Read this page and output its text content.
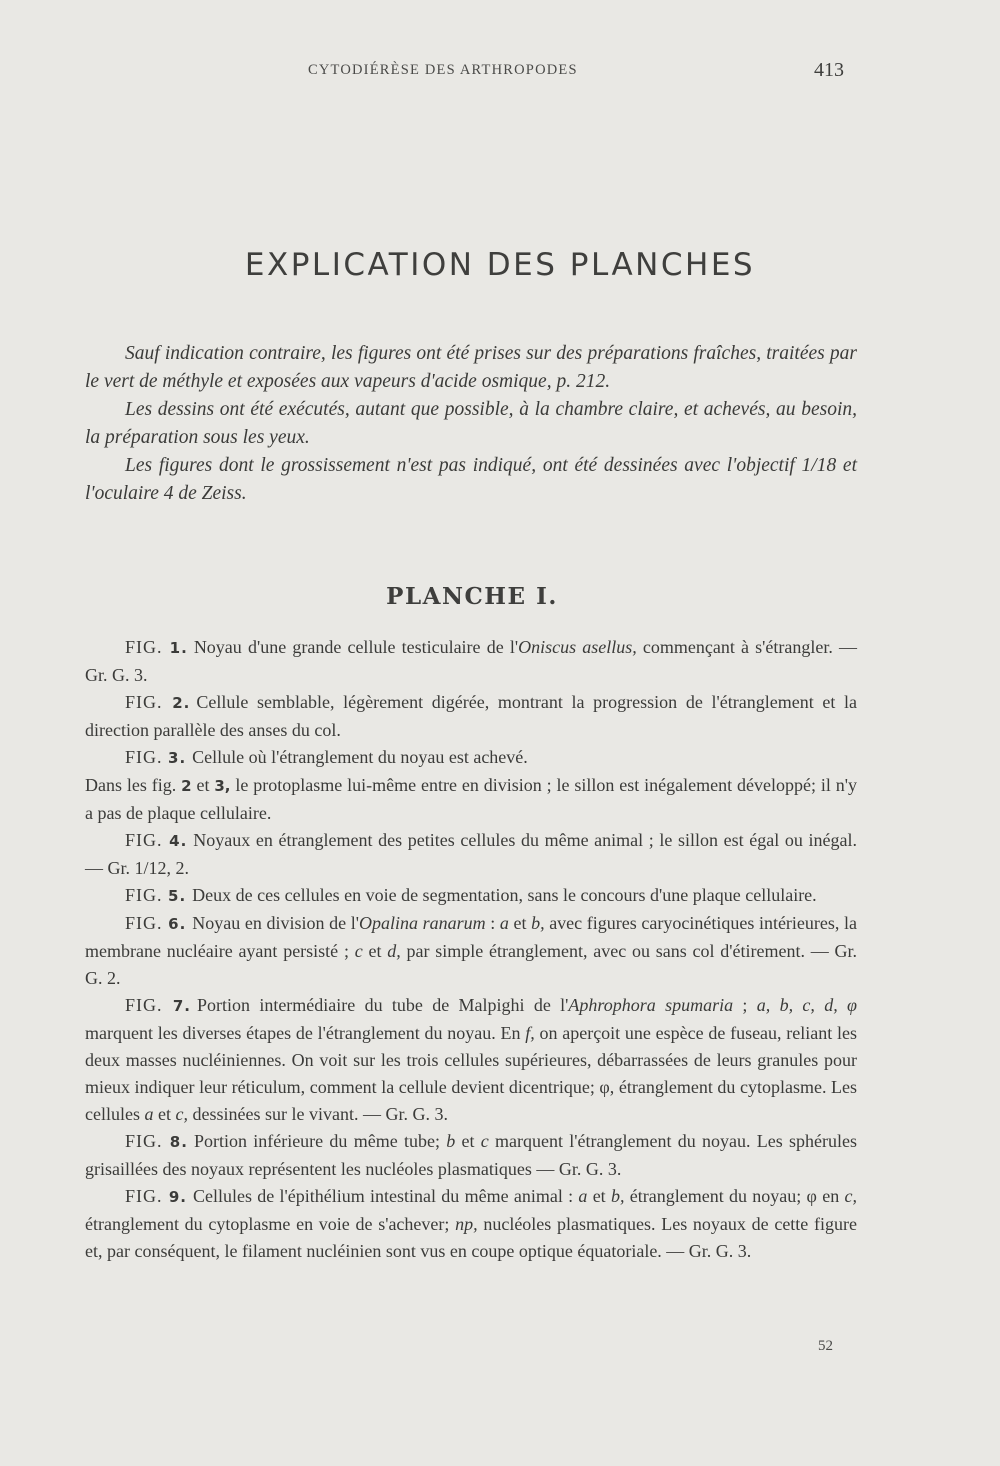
CYTODIÉRÈSE DES ARTHROPODES	413
EXPLICATION DES PLANCHES

Sauf indication contraire, les figures ont été prises sur des préparations fraîches, traitées par le vert de méthyle et exposées aux vapeurs d'acide osmique, p. 212.

Les dessins ont été exécutés, autant que possible, à la chambre claire, et achevés, au besoin, la préparation sous les yeux.

Les figures dont le grossissement n'est pas indiqué, ont été dessinées avec l'objectif 1/18 et l'oculaire 4 de Zeiss.

PLANCHE I.

FIG. 1. Noyau d'une grande cellule testiculaire de l'Oniscus asellus, commençant à s'étrangler. — Gr. G. 3.

FIG. 2. Cellule semblable, légèrement digérée, montrant la progression de l'étranglement et la direction parallèle des anses du col.

FIG. 3. Cellule où l'étranglement du noyau est achevé.

Dans les fig. 2 et 3, le protoplasme lui-même entre en division ; le sillon est inégalement développé; il n'y a pas de plaque cellulaire.

FIG. 4. Noyaux en étranglement des petites cellules du même animal ; le sillon est égal ou inégal. — Gr. 1/12, 2.

FIG. 5. Deux de ces cellules en voie de segmentation, sans le concours d'une plaque cellulaire.

FIG. 6. Noyau en division de l'Opalina ranarum : a et b, avec figures caryocinétiques intérieures, la membrane nucléaire ayant persisté ; c et d, par simple étranglement, avec ou sans col d'étirement. — Gr. G. 2.

FIG. 7. Portion intermédiaire du tube de Malpighi de l'Aphrophora spumaria ; a, b, c, d, φ marquent les diverses étapes de l'étranglement du noyau. En f, on aperçoit une espèce de fuseau, reliant les deux masses nucléiniennes. On voit sur les trois cellules supérieures, débarrassées de leurs granules pour mieux indiquer leur réticulum, comment la cellule devient dicentrique; φ, étranglement du cytoplasme. Les cellules a et c, dessinées sur le vivant. — Gr. G. 3.

FIG. 8. Portion inférieure du même tube; b et c marquent l'étranglement du noyau. Les sphérules grisaillées des noyaux représentent les nucléoles plasmatiques — Gr. G. 3.

FIG. 9. Cellules de l'épithélium intestinal du même animal : a et b, étranglement du noyau; φ en c, étranglement du cytoplasme en voie de s'achever; np, nucléoles plasmatiques. Les noyaux de cette figure et, par conséquent, le filament nucléinien sont vus en coupe optique équatoriale. — Gr. G. 3.

52
